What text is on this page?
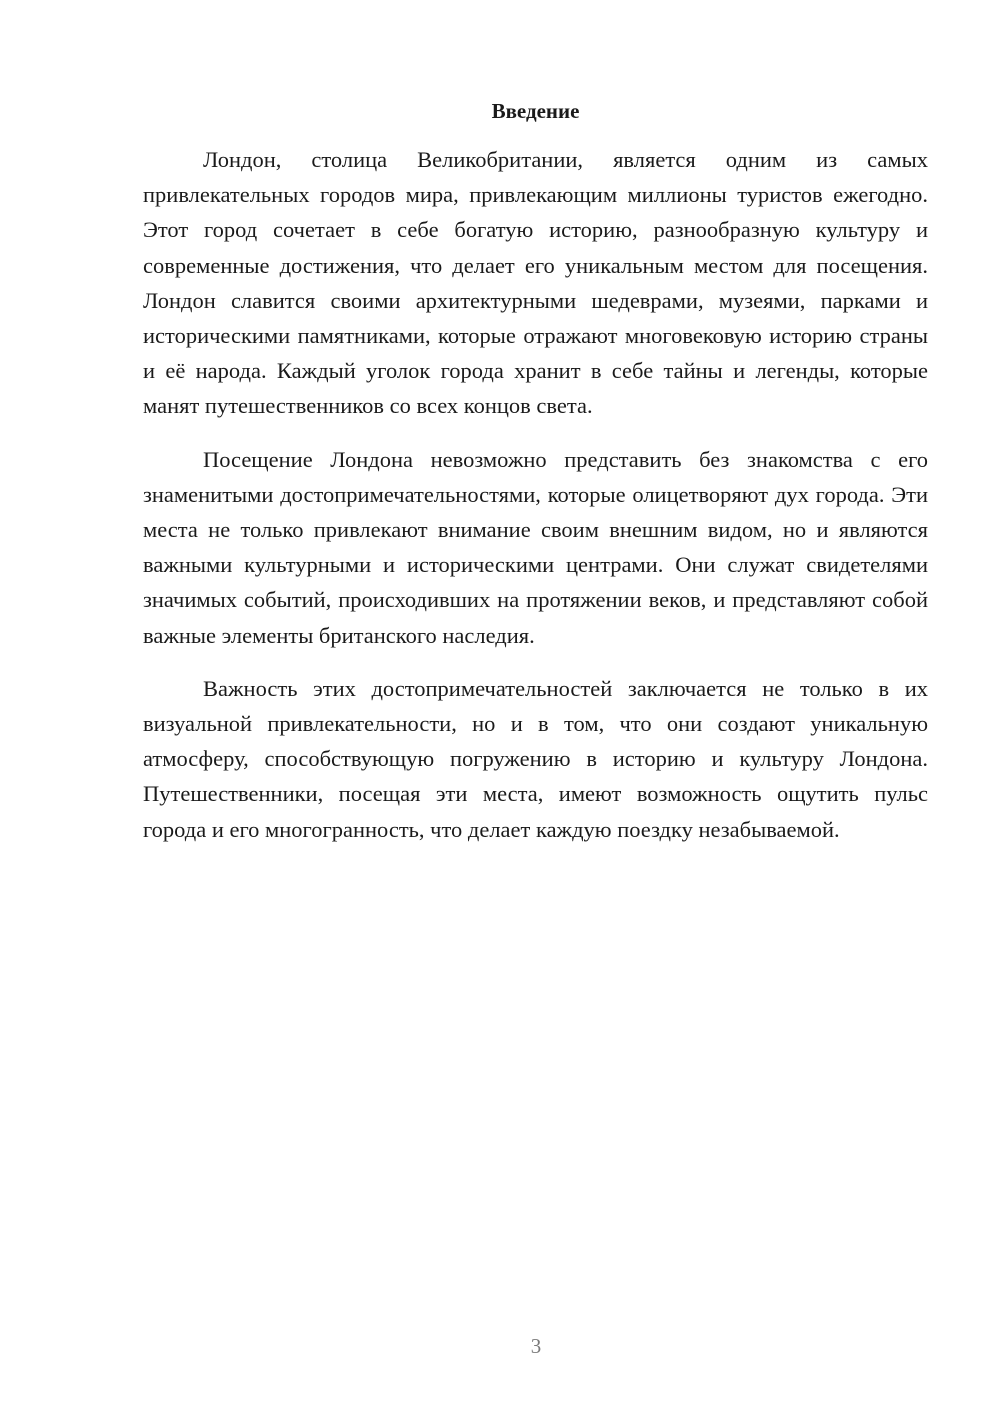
Введение

Лондон, столица Великобритании, является одним из самых привлекательных городов мира, привлекающим миллионы туристов ежегодно. Этот город сочетает в себе богатую историю, разнообразную культуру и современные достижения, что делает его уникальным местом для посещения. Лондон славится своими архитектурными шедеврами, музеями, парками и историческими памятниками, которые отражают многовековую историю страны и её народа. Каждый уголок города хранит в себе тайны и легенды, которые манят путешественников со всех концов света.

Посещение Лондона невозможно представить без знакомства с его знаменитыми достопримечательностями, которые олицетворяют дух города. Эти места не только привлекают внимание своим внешним видом, но и являются важными культурными и историческими центрами. Они служат свидетелями значимых событий, происходивших на протяжении веков, и представляют собой важные элементы британского наследия.

Важность этих достопримечательностей заключается не только в их визуальной привлекательности, но и в том, что они создают уникальную атмосферу, способствующую погружению в историю и культуру Лондона. Путешественники, посещая эти места, имеют возможность ощутить пульс города и его многогранность, что делает каждую поездку незабываемой.

3
